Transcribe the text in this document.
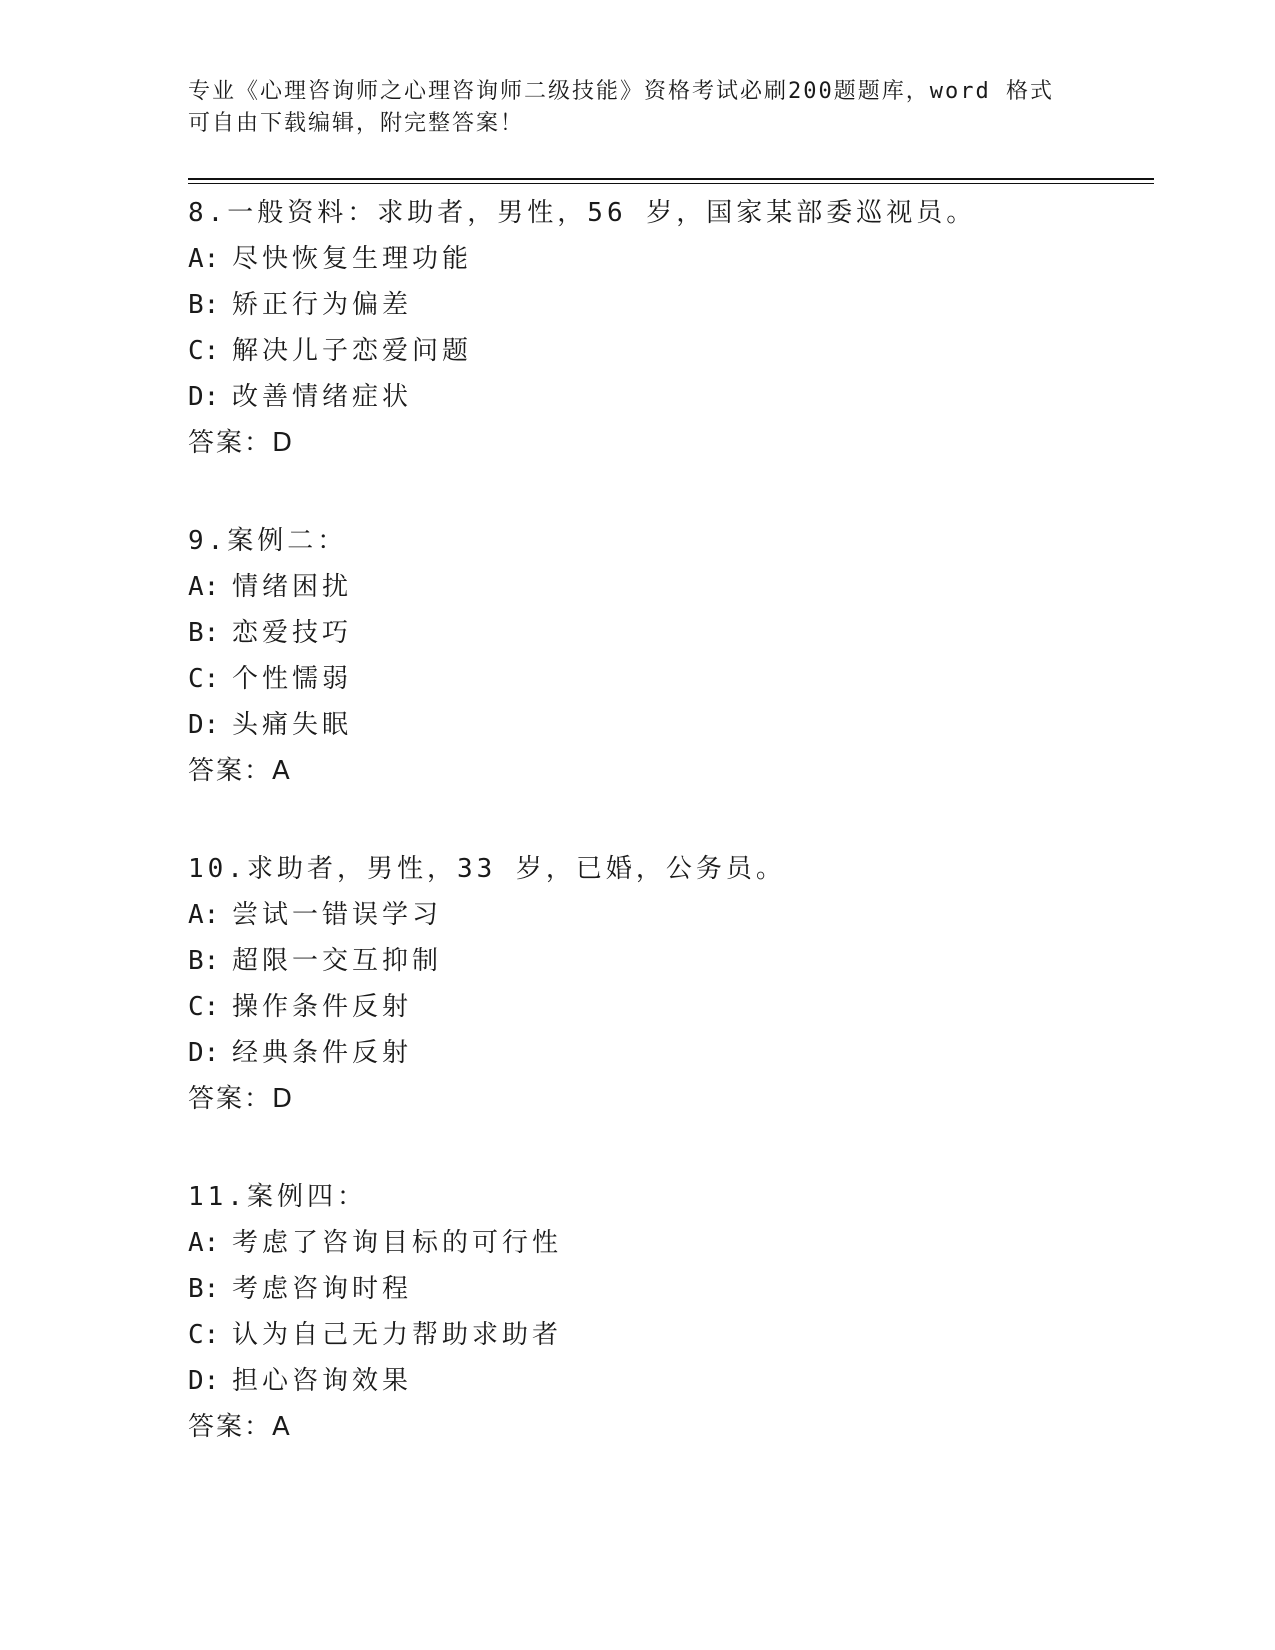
专业《心理咨询师之心理咨询师二级技能》资格考试必刷200题题库，word 格式
可自由下载编辑，附完整答案！
8.一般资料：求助者，男性，56 岁，国家某部委巡视员。
A: 尽快恢复生理功能
B: 矫正行为偏差
C: 解决儿子恋爱问题
D: 改善情绪症状
答案：D
9.案例二：
A: 情绪困扰
B: 恋爱技巧
C: 个性懦弱
D: 头痛失眠
答案：A
10.求助者，男性，33 岁，已婚，公务员。
A: 尝试一错误学习
B: 超限一交互抑制
C: 操作条件反射
D: 经典条件反射
答案：D
11.案例四：
A: 考虑了咨询目标的可行性
B: 考虑咨询时程
C: 认为自己无力帮助求助者
D: 担心咨询效果
答案：A
